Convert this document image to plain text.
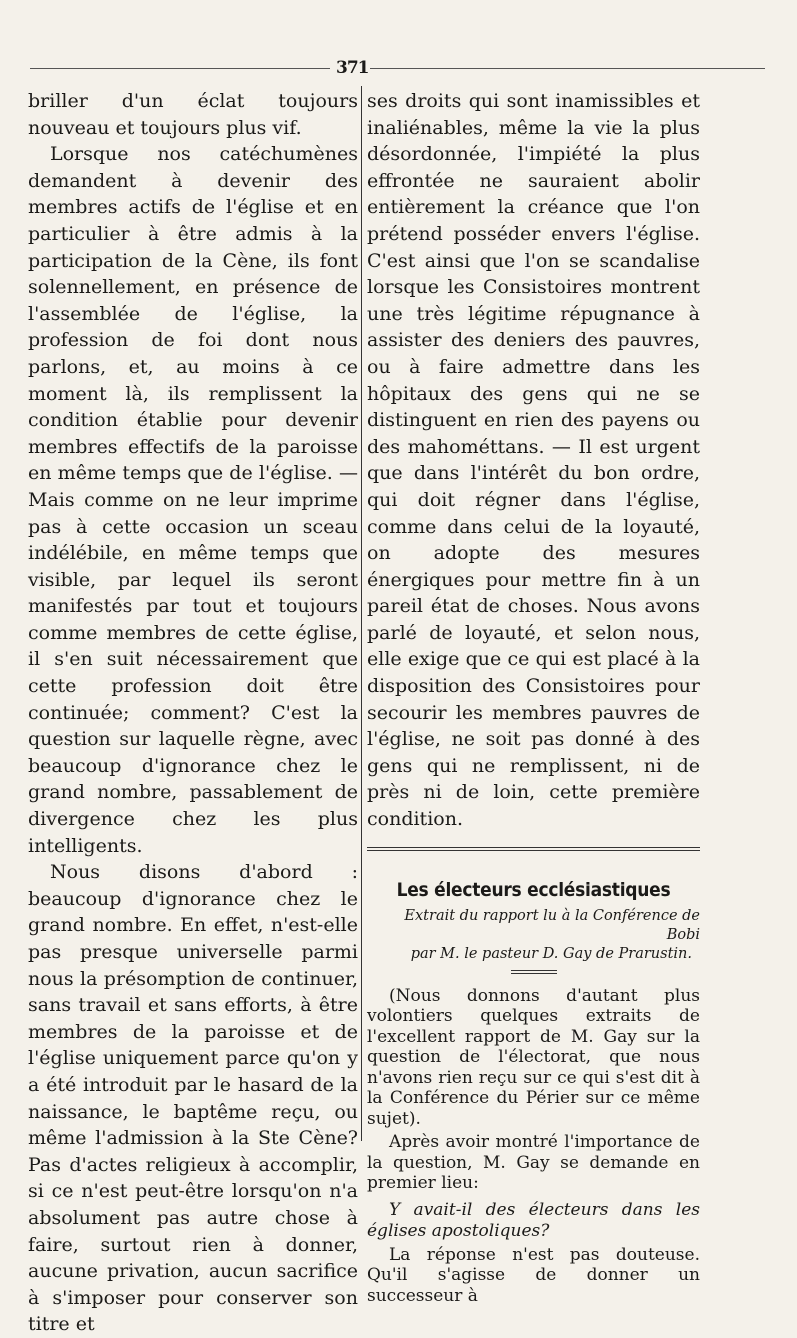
371

briller d'un éclat toujours nouveau et toujours plus vif.

Lorsque nos catéchumènes demandent à devenir des membres actifs de l'église et en particulier à être admis à la participation de la Cène, ils font solennellement, en présence de l'assemblée de l'église, la profession de foi dont nous parlons, et, au moins à ce moment là, ils remplissent la condition établie pour devenir membres effectifs de la paroisse en même temps que de l'église. — Mais comme on ne leur imprime pas à cette occasion un sceau indélébile, en même temps que visible, par lequel ils seront manifestés par tout et toujours comme membres de cette église, il s'en suit nécessairement que cette profession doit être continuée; comment? C'est la question sur laquelle règne, avec beaucoup d'ignorance chez le grand nombre, passablement de divergence chez les plus intelligents.

Nous disons d'abord : beaucoup d'ignorance chez le grand nombre. En effet, n'est-elle pas presque universelle parmi nous la présomption de continuer, sans travail et sans efforts, à être membres de la paroisse et de l'église uniquement parce qu'on y a été introduit par le hasard de la naissance, le baptême reçu, ou même l'admission à la Ste Cène? Pas d'actes religieux à accomplir, si ce n'est peut-être lorsqu'on n'a absolument pas autre chose à faire, surtout rien à donner, aucune privation, aucun sacrifice à s'imposer pour conserver son titre et

ses droits qui sont inamissibles et inaliénables, même la vie la plus désordonnée, l'impiété la plus effrontée ne sauraient abolir entièrement la créance que l'on prétend posséder envers l'église. C'est ainsi que l'on se scandalise lorsque les Consistoires montrent une très légitime répugnance à assister des deniers des pauvres, ou à faire admettre dans les hôpitaux des gens qui ne se distinguent en rien des payens ou des mahométtans. — Il est urgent que dans l'intérêt du bon ordre, qui doit régner dans l'église, comme dans celui de la loyauté, on adopte des mesures énergiques pour mettre fin à un pareil état de choses. Nous avons parlé de loyauté, et selon nous, elle exige que ce qui est placé à la disposition des Consistoires pour secourir les membres pauvres de l'église, ne soit pas donné à des gens qui ne remplissent, ni de près ni de loin, cette première condition.

Les électeurs ecclésiastiques
Extrait du rapport lu à la Conférence de Bobi
par M. le pasteur D. Gay de Prarustin.

(Nous donnons d'autant plus volontiers quelques extraits de l'excellent rapport de M. Gay sur la question de l'électorat, que nous n'avons rien reçu sur ce qui s'est dit à la Conférence du Périer sur ce même sujet).

Après avoir montré l'importance de la question, M. Gay se demande en premier lieu:

Y avait-il des électeurs dans les églises apostoliques?

La réponse n'est pas douteuse. Qu'il s'agisse de donner un successeur à
